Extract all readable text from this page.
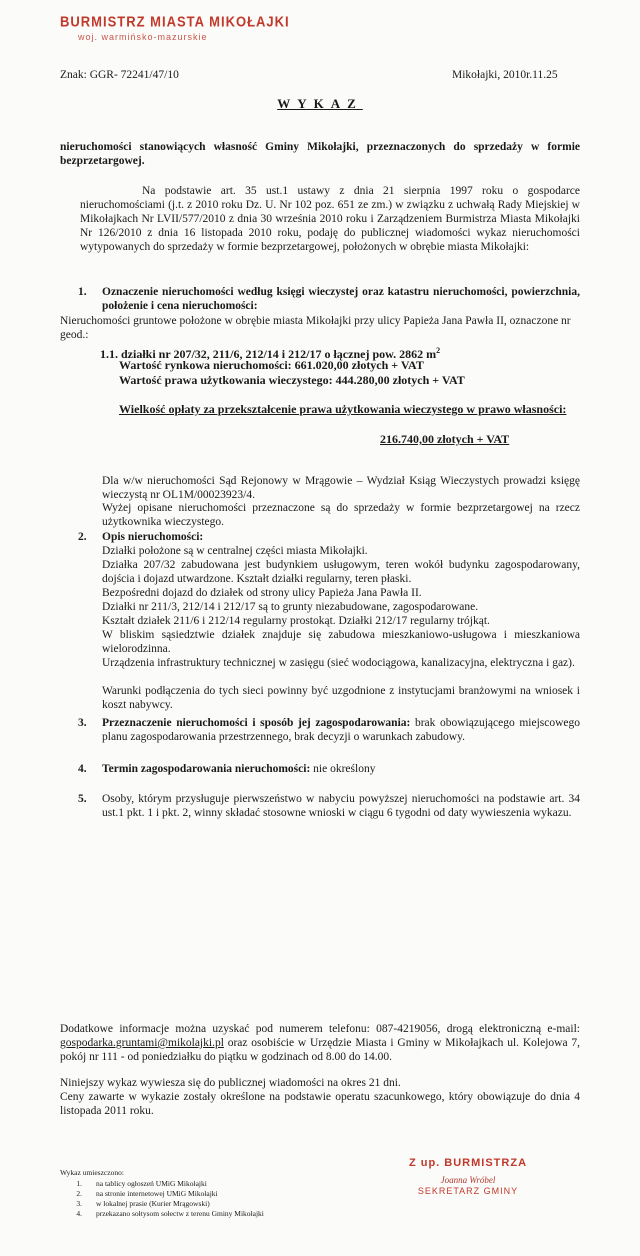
BURMISTRZ MIASTA MIKOŁAJKI
woj. warmińsko-mazurskie
Znak: GGR- 72241/47/10	Mikołajki, 2010r.11.25
WYKAZ
nieruchomości stanowiących własność Gminy Mikołajki, przeznaczonych do sprzedaży w formie bezprzetargowej.
Na podstawie art. 35 ust.1 ustawy z dnia 21 sierpnia 1997 roku o gospodarce nieruchomościami (j.t. z 2010 roku Dz. U. Nr 102 poz. 651 ze zm.) w związku z uchwałą Rady Miejskiej w Mikołajkach Nr LVII/577/2010 z dnia 30 września 2010 roku i Zarządzeniem Burmistrza Miasta Mikołajki Nr 126/2010 z dnia 16 listopada 2010 roku, podaję do publicznej wiadomości wykaz nieruchomości wytypowanych do sprzedaży w formie bezprzetargowej, położonych w obrębie miasta Mikołajki:
1. Oznaczenie nieruchomości według księgi wieczystej oraz katastru nieruchomości, powierzchnia, położenie i cena nieruchomości:
Nieruchomości gruntowe położone w obrębie miasta Mikołajki przy ulicy Papieża Jana Pawła II, oznaczone nr geod.:
1.1. działki nr 207/32, 211/6, 212/14 i 212/17 o łącznej pow. 2862 $m^2$
Wartość rynkowa nieruchomości: 661.020,00 złotych + VAT
Wartość prawa użytkowania wieczystego: 444.280,00 złotych + VAT
Wielkość opłaty za przekształcenie prawa użytkowania wieczystego w prawo własności:
216.740,00 złotych + VAT
Dla w/w nieruchomości Sąd Rejonowy w Mrągowie – Wydział Ksiąg Wieczystych prowadzi księgę wieczystą nr OL1M/00023923/4.
Wyżej opisane nieruchomości przeznaczone są do sprzedaży w formie bezprzetargowej na rzecz użytkownika wieczystego.
2. Opis nieruchomości:
Działki położone są w centralnej części miasta Mikołajki.
Działka 207/32 zabudowana jest budynkiem usługowym, teren wokół budynku zagospodarowany, dojścia i dojazd utwardzone. Kształt działki regularny, teren płaski.
Bezpośredni dojazd do działek od strony ulicy Papieża Jana Pawła II.
Działki nr 211/3, 212/14 i 212/17 są to grunty niezabudowane, zagospodarowane.
Kształt działek 211/6 i 212/14 regularny prostokąt. Działki 212/17 regularny trójkąt.
W bliskim sąsiedztwie działek znajduje się zabudowa mieszkaniowo-usługowa i mieszkaniowa wielorodzinna.
Urządzenia infrastruktury technicznej w zasięgu (sieć wodociągowa, kanalizacyjna, elektryczna i gaz).
Warunki podłączenia do tych sieci powinny być uzgodnione z instytucjami branżowymi na wniosek i koszt nabywcy.
3. Przeznaczenie nieruchomości i sposób jej zagospodarowania: brak obowiązującego miejscowego planu zagospodarowania przestrzennego, brak decyzji o warunkach zabudowy.
4. Termin zagospodarowania nieruchomości: nie określony
5. Osoby, którym przysługuje pierwszeństwo w nabyciu powyższej nieruchomości na podstawie art. 34 ust.1 pkt. 1 i pkt. 2, winny składać stosowne wnioski w ciągu 6 tygodni od daty wywieszenia wykazu.
Dodatkowe informacje można uzyskać pod numerem telefonu: 087-4219056, drogą elektroniczną e-mail: gospodarka.gruntami@mikolajki.pl oraz osobiście w Urzędzie Miasta i Gminy w Mikołajkach ul. Kolejowa 7, pokój nr 111 - od poniedziałku do piątku w godzinach od 8.00 do 14.00.
Niniejszy wykaz wywiesza się do publicznej wiadomości na okres 21 dni.
Ceny zawarte w wykazie zostały określone na podstawie operatu szacunkowego, który obowiązuje do dnia 4 listopada 2011 roku.
Wykaz umieszczono:
1. na tablicy ogłoszeń UMiG Mikołajki
2. na stronie internetowej UMiG Mikołajki
3. w lokalnej prasie (Kurier Mrągowski)
4. przekazano sołtysom sołectw z terenu Gminy Mikołajki
Z up. BURMISTRZA
Joanna Wróbel
SEKRETARZ GMINY
